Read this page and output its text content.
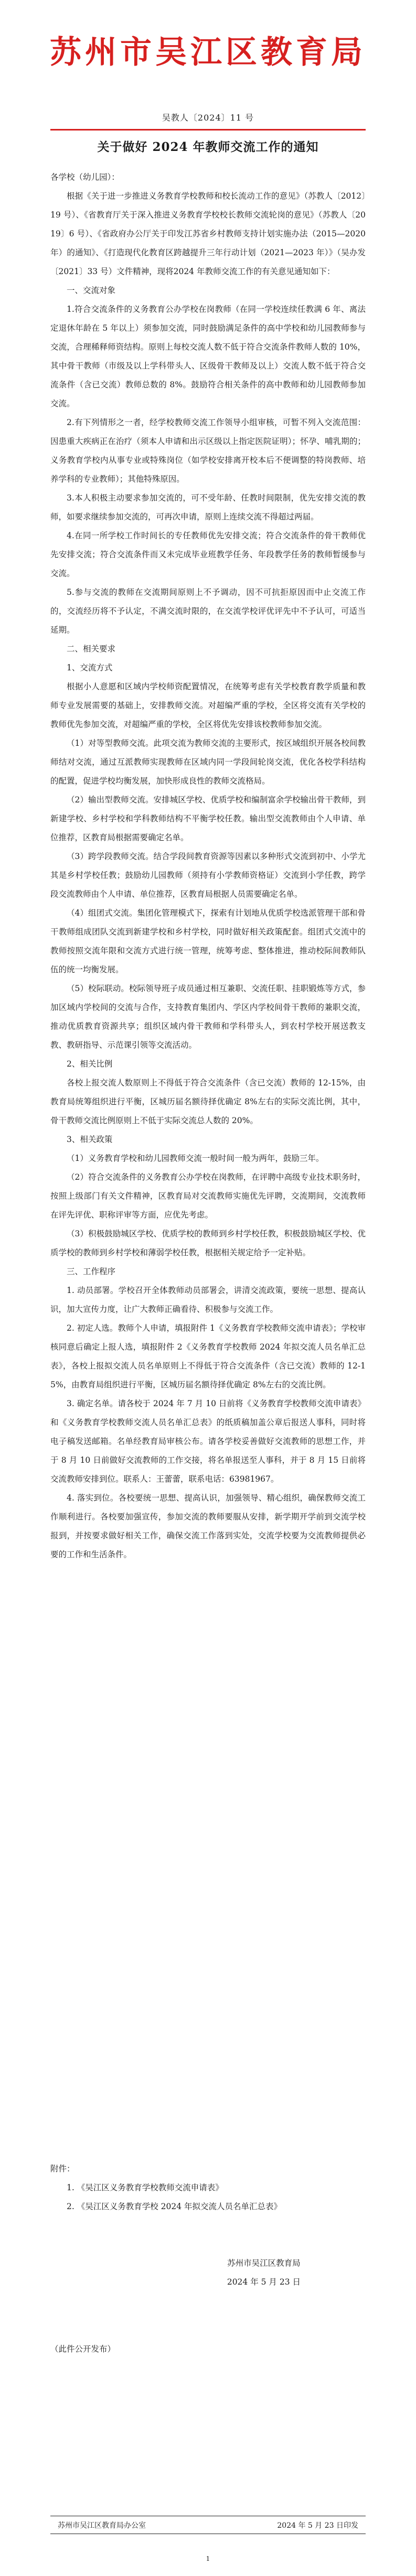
苏州市吴江区教育局
吴教人〔2024〕11 号
关于做好 2024 年教师交流工作的通知

各学校（幼儿园）：

根据《关于进一步推进义务教育学校教师和校长流动工作的意见》（苏教人〔2012〕19 号）、《省教育厅关于深入推进义务教育学校校长教师交流轮岗的意见》（苏教人〔2019〕6 号）、《省政府办公厅关于印发江苏省乡村教师支持计划实施办法（2015—2020 年）的通知》、《打造现代化教育区跨越提升三年行动计划（2021—2023 年）》（吴办发〔2021〕33 号）文件精神，现将2024 年教师交流工作的有关意见通知如下：

一、交流对象

1.符合交流条件的义务教育公办学校在岗教师（在同一学校连续任教满 6 年、离法定退休年龄在 5 年以上）须参加交流，同时鼓励满足条件的高中学校和幼儿园教师参与交流，合理稀释师资结构。原则上每校交流人数不低于符合交流条件教师人数的 10%，其中骨干教师（市级及以上学科带头人、区级骨干教师及以上）交流人数不低于符合交流条件（含已交流）教师总数的 8%。鼓励符合相关条件的高中教师和幼儿园教师参加交流。

2.有下列情形之一者，经学校教师交流工作领导小组审核，可暂不列入交流范围：因患重大疾病正在治疗（须本人申请和出示区级以上指定医院证明）；怀孕、哺乳期的；义务教育学校内从事专业或特殊岗位（如学校安排离开校本后不便调整的特岗教师、培养学科的专业教师）；其他特殊原因。

3.本人积极主动要求参加交流的，可不受年龄、任教时间限制，优先安排交流的教师，如要求继续参加交流的，可再次申请，原则上连续交流不得超过两届。

4.在同一所学校工作时间长的专任教师优先安排交流；符合交流条件的骨干教师优先安排交流；符合交流条件而又未完成毕业班教学任务、年段教学任务的教师暂缓参与交流。

5.参与交流的教师在交流期间原则上不予调动，因不可抗拒原因而中止交流工作的，交流经历将不予认定，不满交流时限的，在交流学校评优评先中不予认可，可适当延期。

二、相关要求

1、交流方式

根据小人意愿和区域内学校师资配置情况，在统筹考虑有关学校教育教学质量和教师专业发展需要的基础上，安排教师交流。对超编严重的学校，全区将交流有关学校的教师优先参加交流，对超编严重的学校，全区将优先安排该校教师参加交流。

（1）对等型教师交流。此项交流为教师交流的主要形式，按区域组织开展各校间教师结对交流，通过互派教师实现教师在区域内同一学段间轮岗交流，优化各校学科结构的配置，促进学校均衡发展，加快形成良性的教师交流格局。

（2）输出型教师交流。安排城区学校、优质学校和编制富余学校输出骨干教师，到新建学校、乡村学校和学科教师结构不平衡学校任教。输出型交流教师由个人申请、单位推荐，区教育局根据需要确定名单。

（3）跨学段教师交流。结合学段间教育资源等因素以多种形式交流到初中、小学尤其是乡村学校任教；鼓励幼儿园教师（须持有小学教师资格证）交流到小学任教，跨学段交流教师由个人申请、单位推荐，区教育局根据人员需要确定名单。

（4）组团式交流。集团化管理模式下，探索有计划地从优质学校选派管理干部和骨干教师组成团队交流到新建学校和乡村学校，同时做好相关政策配套。组团式交流中的教师按照交流年限和交流方式进行统一管理，统筹考虑、整体推进，推动校际间教师队伍的统一均衡发展。

（5）校际联动。校际领导班子成员通过相互兼职、交流任职、挂职锻炼等方式，参加区域内学校间的交流与合作，支持教育集团内、学区内学校间骨干教师的兼职交流，推动优质教育资源共享；组织区域内骨干教师和学科带头人，到农村学校开展送教支教、教研指导、示范课引领等交流活动。

2、相关比例

各校上报交流人数原则上不得低于符合交流条件（含已交流）教师的 12-15%，由教育局统筹组织进行平衡，区城历届名额待择优确定 8%左右的实际交流比例，其中，骨干教师交流比例原则上不低于实际交流总人数的 20%。

3、相关政策

（1）义务教育学校和幼儿园教师交流一般时间一般为两年，鼓励三年。

（2）符合交流条件的义务教育公办学校在岗教师，在评聘中高级专业技术职务时，按照上级部门有关文件精神，区教育局对交流教师实施优先评聘，交流期间，交流教师在评先评优、职称评审等方面，应优先考虑。

（3）积极鼓励城区学校、优质学校的教师到乡村学校任教，积极鼓励城区学校、优质学校的教师到乡村学校和薄弱学校任教，根据相关规定给予一定补贴。

三、工作程序

1. 动员部署。学校召开全体教师动员部署会，讲清交流政策，要统一思想、提高认识，加大宣传力度，让广大教师正确看待、积极参与交流工作。

2. 初定人选。教师个人申请，填报附件 1《义务教育学校教师交流申请表》；学校审核同意后确定上报人选，填报附件 2《义务教育学校教师 2024 年拟交流人员名单汇总表》，各校上报拟交流人员名单原则上不得低于符合交流条件（含已交流）教师的 12-15%，由教育局组织进行平衡，区城历届名额待择优确定 8%左右的交流比例。

3. 确定名单。请各校于 2024 年 7 月 10 日前将《义务教育学校教师交流申请表》和《义务教育学校教师交流人员名单汇总表》的纸质稿加盖公章后报送人事科，同时将电子稿发送邮箱。名单经教育局审核公布。请各学校妥善做好交流教师的思想工作，并于 8 月 10 日前做好交流教师的工作交接，将名单报送至人事科，并于 8 月 15 日前将交流教师安排到位。联系人：王蕾蕾，联系电话：63981967。

4. 落实到位。各校要统一思想、提高认识，加强领导、精心组织，确保教师交流工作顺利进行。各校要加强宣传，参加交流的教师要服从安排，新学期开学前到交流学校报到，并按要求做好相关工作，确保交流工作落到实处，交流学校要为交流教师提供必要的工作和生活条件。

附件：
1. 《吴江区义务教育学校教师交流申请表》
2. 《吴江区义务教育学校 2024 年拟交流人员名单汇总表》
苏州市吴江区教育局
2024 年 5 月 23 日
（此件公开发布）
苏州市吴江区教育局办公室	2024 年 5 月 23 日印发
1
